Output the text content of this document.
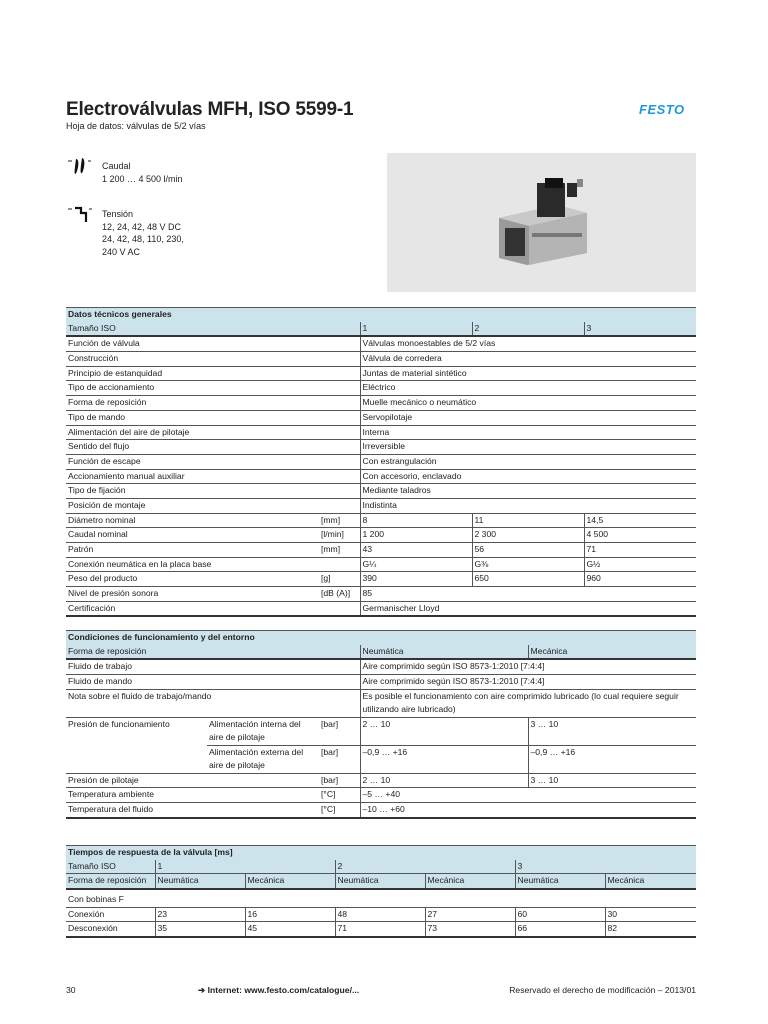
Electroválvulas MFH, ISO 5599-1
Hoja de datos: válvulas de 5/2 vías
FESTO
Caudal
1 200 … 4 500 l/min
Tensión
12, 24, 42, 48 V DC
24, 42, 48, 110, 230,
240 V AC
Datos técnicos generales				
Tamaño ISO		1	2	3
Función de válvula		Válvulas monoestables de 5/2 vías		
Construcción		Válvula de corredera		
Principio de estanquidad		Juntas de material sintético		
Tipo de accionamiento		Eléctrico		
Forma de reposición		Muelle mecánico o neumático		
Tipo de mando		Servopilotaje		
Alimentación del aire de pilotaje		Interna		
Sentido del flujo		Irreversible		
Función de escape		Con estrangulación		
Accionamiento manual auxiliar		Con accesorio, enclavado		
Tipo de fijación		Mediante taladros		
Posición de montaje		Indistinta		
Diámetro nominal	[mm]	8	11	14,5
Caudal nominal	[l/min]	1 200	2 300	4 500
Patrón	[mm]	43	56	71
Conexión neumática en la placa base		G¼	G⅜	G½
Peso del producto	[g]	390	650	960
Nivel de presión sonora	[dB (A)]	85		
Certificación		Germanischer Lloyd		
Condiciones de funcionamiento y del entorno				
Forma de reposición			Neumática	Mecánica
Fluido de trabajo			Aire comprimido según ISO 8573-1:2010 [7:4:4]	
Fluido de mando			Aire comprimido según ISO 8573-1:2010 [7:4:4]	
Nota sobre el fluido de trabajo/mando			Es posible el funcionamiento con aire comprimido lubricado (lo cual requiere seguir utilizando aire lubricado)	
Presión de funcionamiento	Alimentación interna del aire de pilotaje	[bar]	2 … 10	3 … 10
	Alimentación externa del aire de pilotaje	[bar]	–0,9 … +16	–0,9 … +16
Presión de pilotaje		[bar]	2 … 10	3 … 10
Temperatura ambiente		[°C]	–5 … +40	
Temperatura del fluido		[°C]	–10 … +60	
Tiempos de respuesta de la válvula [ms]						
Tamaño ISO	1		2		3	
Forma de reposición	Neumática	Mecánica	Neumática	Mecánica	Neumática	Mecánica
Con bobinas F						
Conexión	23	16	48	27	60	30
Desconexión	35	45	71	73	66	82
30	➔ Internet: www.festo.com/catalogue/...	Reservado el derecho de modificación – 2013/01
